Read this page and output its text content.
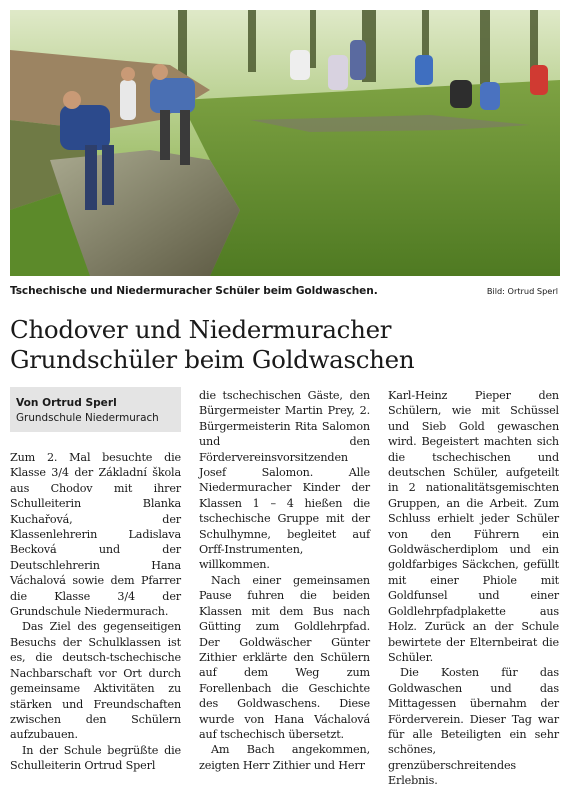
Tschechische und Niedermuracher Schüler beim Goldwaschen.	Bild: Ortrud Sperl
Chodover und Niedermuracher
Grundschüler beim Goldwaschen
Von Ortrud Sperl
Grundschule Niedermurach

Zum 2. Mal besuchte die Klasse 3/4 der Základní škola aus Chodov mit ihrer Schulleiterin Blanka Kuchařová, der Klassenlehrerin Ladislava Becková und der Deutschlehrerin Hana Váchalová sowie dem Pfarrer die Klasse 3/4 der Grundschule Niedermurach.

Das Ziel des gegenseitigen Besuchs der Schulklassen ist es, die deutsch-tschechische Nachbarschaft vor Ort durch gemeinsame Aktivitäten zu stärken und Freundschaften zwischen den Schülern aufzubauen.

In der Schule begrüßte die Schulleiterin Ortrud Sperl

die tschechischen Gäste, den Bürgermeister Martin Prey, 2. Bürgermeisterin Rita Salomon und den Fördervereinsvorsitzenden Josef Salomon. Alle Niedermuracher Kinder der Klassen 1 – 4 hießen die tschechische Gruppe mit der Schulhymne, begleitet auf Orff-Instrumenten, willkommen.

Nach einer gemeinsamen Pause fuhren die beiden Klassen mit dem Bus nach Gütting zum Goldlehrpfad. Der Goldwäscher Günter Zithier erklärte den Schülern auf dem Weg zum Forellenbach die Geschichte des Goldwaschens. Diese wurde von Hana Váchalová auf tschechisch übersetzt.

Am Bach angekommen, zeigten Herr Zithier und Herr

Karl-Heinz Pieper den Schülern, wie mit Schüssel und Sieb Gold gewaschen wird. Begeistert machten sich die tschechischen und deutschen Schüler, aufgeteilt in 2 nationalitätsgemischten Gruppen, an die Arbeit. Zum Schluss erhielt jeder Schüler von den Führern ein Goldwäscherdiplom und ein goldfarbiges Säckchen, gefüllt mit einer Phiole mit Goldfunsel und einer Goldlehrpfadplakette aus Holz. Zurück an der Schule bewirtete der Elternbeirat die Schüler.

Die Kosten für das Goldwaschen und das Mittagessen übernahm der Förderverein. Dieser Tag war für alle Beteiligten ein sehr schönes, grenzüberschreitendes Erlebnis.
